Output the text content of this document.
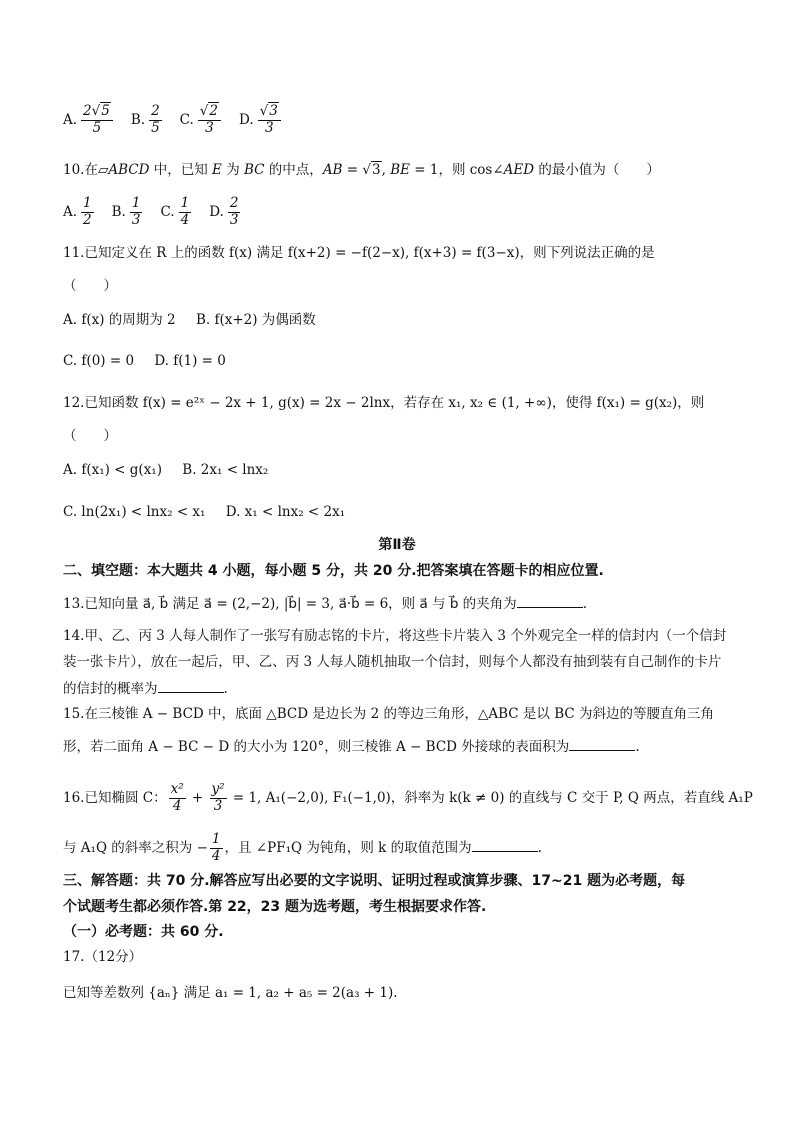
A. $\frac{2√5}{5} B$. $\frac{2}{5} C$. $\frac{√2}{3} D$. $\frac{√3}{3}$
10.在▱ABCD 中，已知 E 为 BC 的中点，AB = √3, BE = 1，则 cos∠AED 的最小值为（　　）
A. $\frac{1}{2} B$. $\frac{1}{3} C$. $\frac{1}{4} D$. $\frac{2}{3}$
11.已知定义在 R 上的函数 f(x) 满足 f(x+2) = −f(2−x), f(x+3) = f(3−x)，则下列说法正确的是
（　　）
A. f(x) 的周期为 2 B. f(x+2) 为偶函数
C. f(0) = 0 D. f(1) = 0
12.已知函数 f(x) = e²ˣ − 2x + 1, g(x) = 2x − 2lnx，若存在 x₁, x₂ ∈ (1, +∞)，使得 f(x₁) = g(x₂)，则
（　　）
A. f(x₁) < g(x₁) B. 2x₁ < lnx₂
C. ln(2x₁) < lnx₂ < x₁ D. x₁ < lnx₂ < 2x₁
第Ⅱ卷
二、填空题：本大题共 4 小题，每小题 5 分，共 20 分.把答案填在答题卡的相应位置.
13.已知向量 a⃗, b⃗ 满足 a⃗ = (2,−2), |b⃗| = 3, a⃗·b⃗ = 6，则 a⃗ 与 b⃗ 的夹角为	.
14.甲、乙、丙 3 人每人制作了一张写有励志铭的卡片，将这些卡片装入 3 个外观完全一样的信封内（一个信封
装一张卡片），放在一起后，甲、乙、丙 3 人每人随机抽取一个信封，则每个人都没有抽到装有自己制作的卡片
的信封的概率为	.
15.在三棱锥 A − BCD 中，底面 △BCD 是边长为 2 的等边三角形，△ABC 是以 BC 为斜边的等腰直角三角
形，若二面角 A − BC − D 的大小为 120°，则三棱锥 A − BCD 外接球的表面积为	.
16.已知椭圆 C： $\frac{\text{x²}}{4} + \frac{\text{y²}}{3} = 1$, A₁(−2,0), F₁(−1,0)，斜率为 k(k ≠ 0) 的直线与 C 交于 P, Q 两点，若直线 A₁P
与 A₁Q 的斜率之积为 − $\frac{1}{4}$ ，且 ∠PF₁Q 为钝角，则 k 的取值范围为	.
三、解答题：共 70 分.解答应写出必要的文字说明、证明过程或演算步骤、17~21 题为必考题，每
个试题考生都必须作答.第 22，23 题为选考题，考生根据要求作答.
（一）必考题：共 60 分.
17.（12分）
已知等差数列 {aₙ} 满足 a₁ = 1, a₂ + a₅ = 2(a₃ + 1).
